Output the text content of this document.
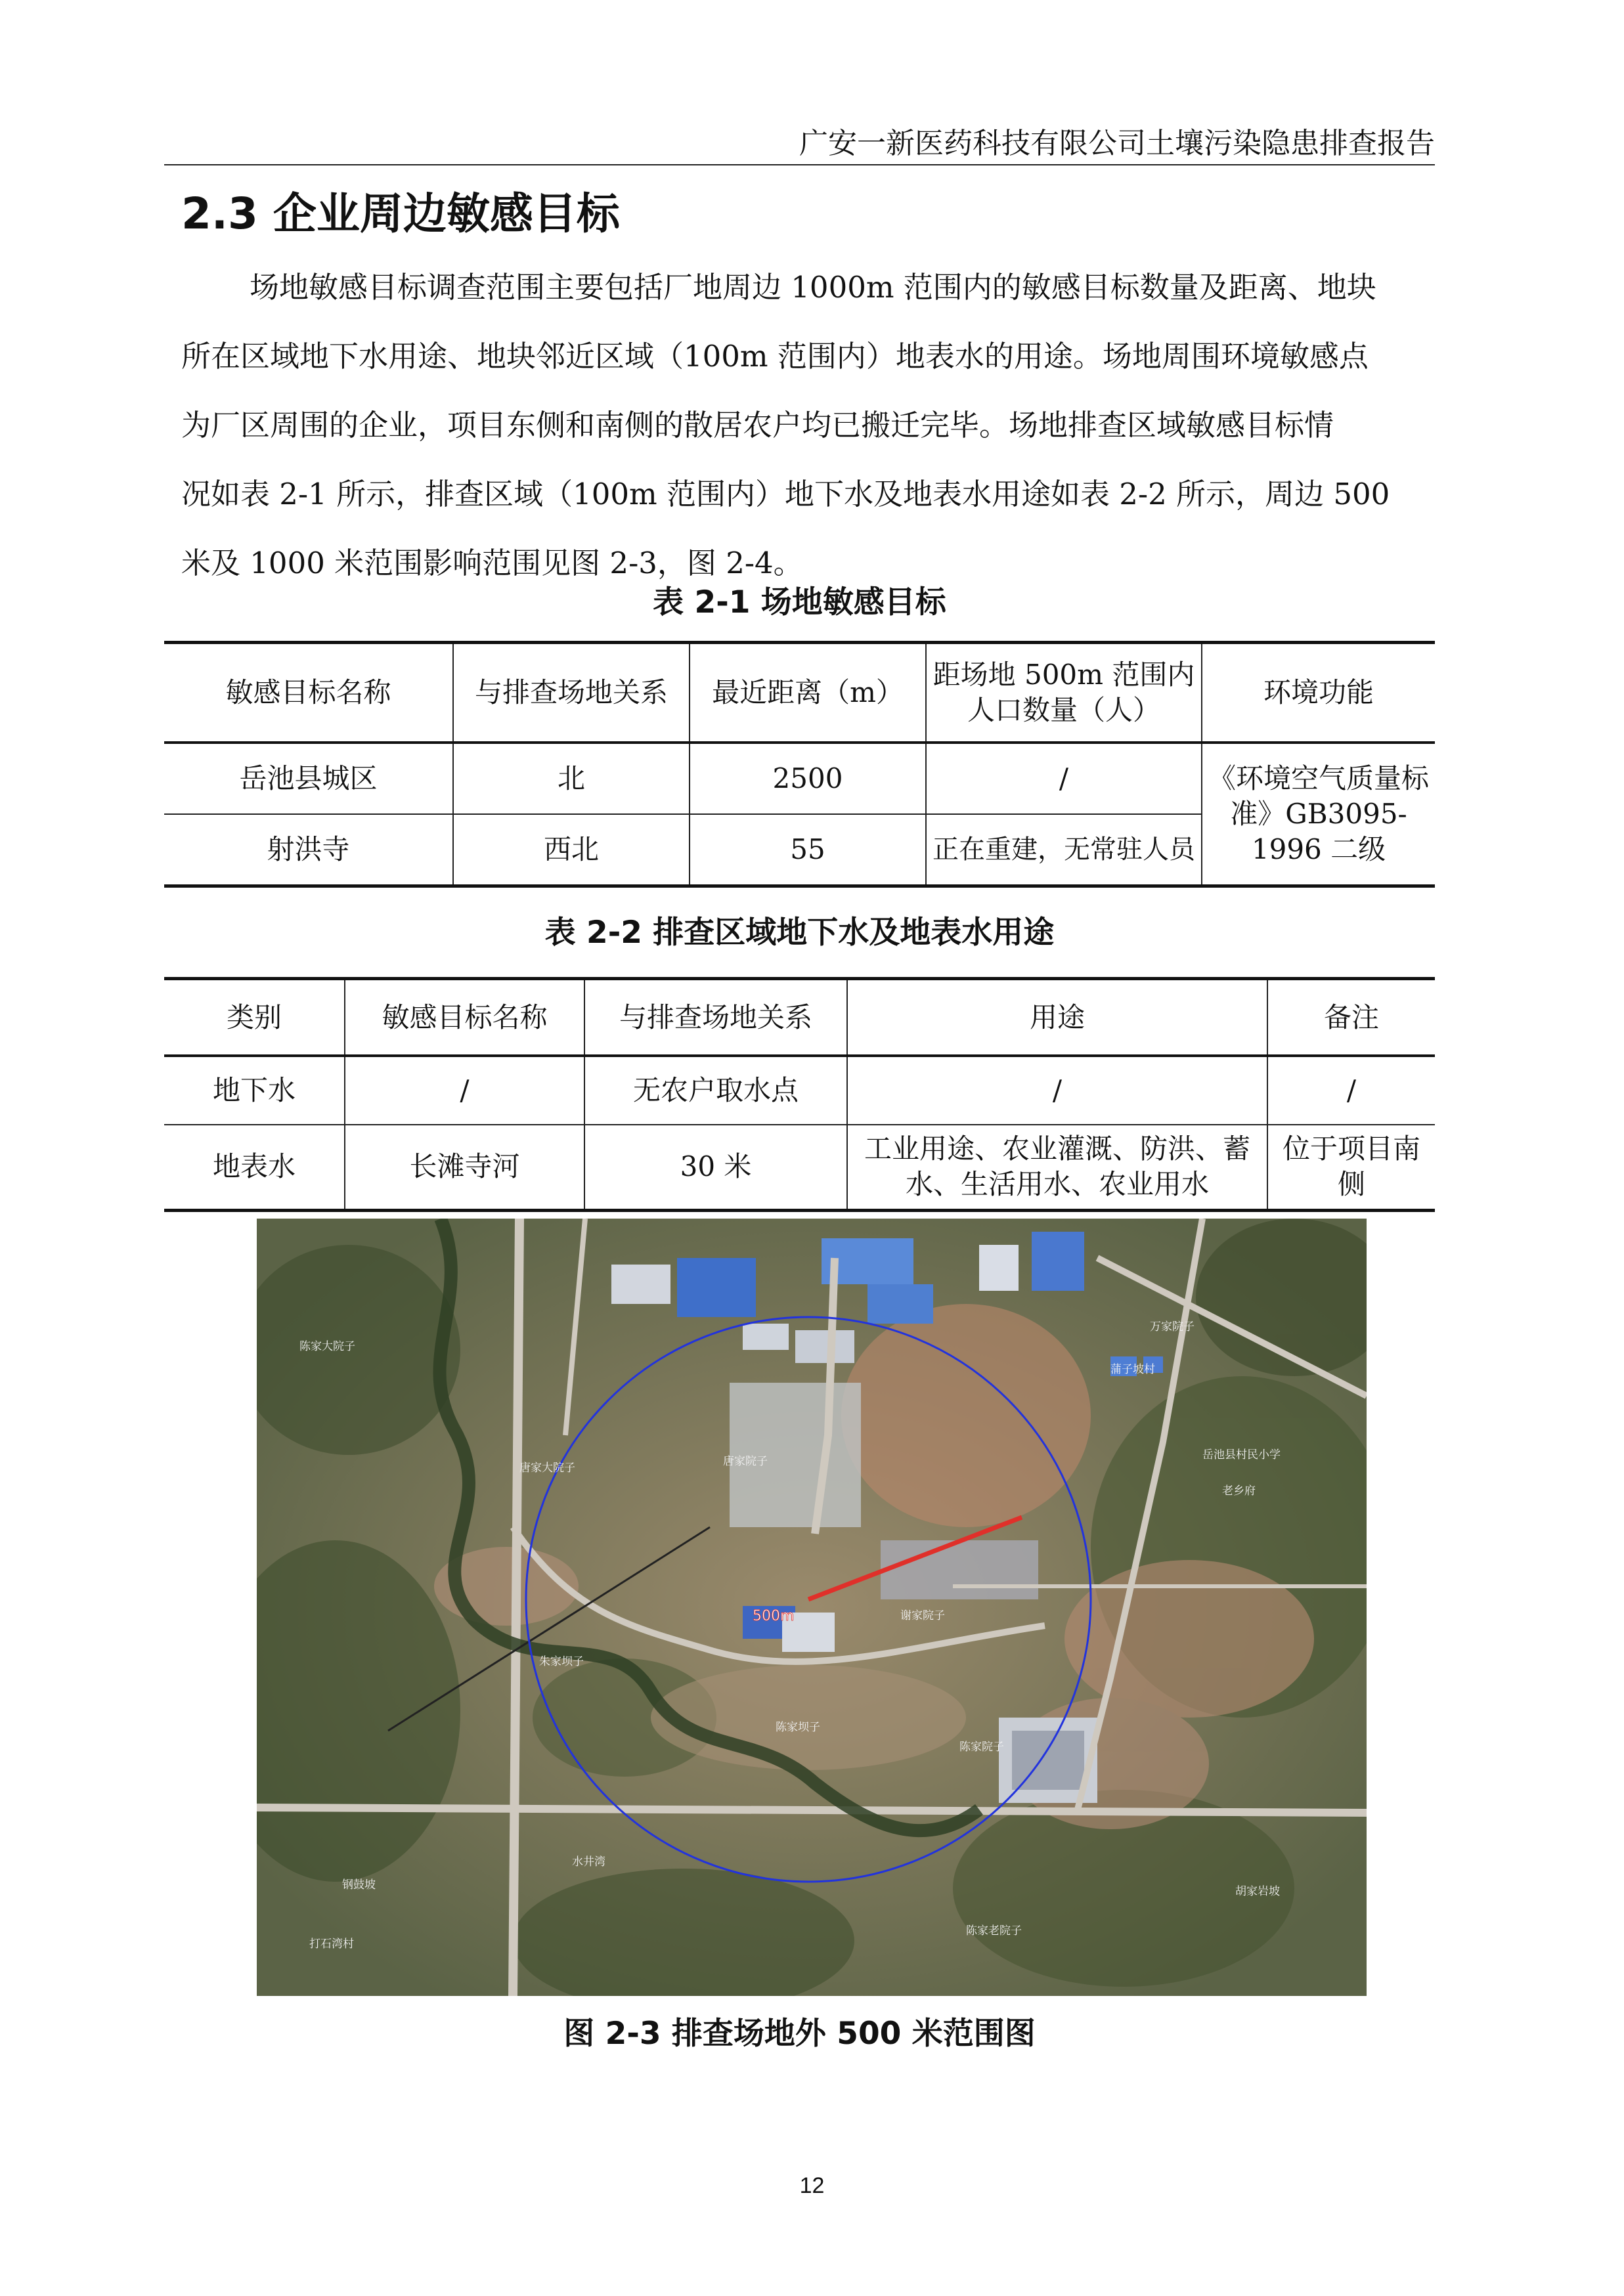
广安一新医药科技有限公司土壤污染隐患排查报告
2.3 企业周边敏感目标
场地敏感目标调查范围主要包括厂地周边 1000m 范围内的敏感目标数量及距离、地块
所在区域地下水用途、地块邻近区域（100m 范围内）地表水的用途。场地周围环境敏感点
为厂区周围的企业，项目东侧和南侧的散居农户均已搬迁完毕。场地排查区域敏感目标情
况如表 2-1 所示，排查区域（100m 范围内）地下水及地表水用途如表 2-2 所示，周边 500
米及 1000 米范围影响范围见图 2-3，图 2-4。
表 2-1 场地敏感目标
敏感目标名称	与排查场地关系	最近距离（m）	距场地 500m 范围内人口数量（人）	环境功能
岳池县城区	北	2500	/	《环境空气质量标准》GB3095-1996 二级
射洪寺	西北	55	正在重建，无常驻人员	
表 2-2 排查区域地下水及地表水用途
类别	敏感目标名称	与排查场地关系	用途	备注
地下水	/	无农户取水点	/	/
地表水	长滩寺河	30 米	工业用途、农业灌溉、防洪、蓄水、生活用水、农业用水	位于项目南侧
500m
陈家大院子
唐家大院子	唐家院子
谢家院子
朱家坝子
陈家坝子
陈家院子
陈家老院子
胡家岩坡
钢鼓坡
水井湾
打石湾村
岳池县村民小学
老乡府
万家院子
蒲子坡村
图 2-3 排查场地外 500 米范围图
12
